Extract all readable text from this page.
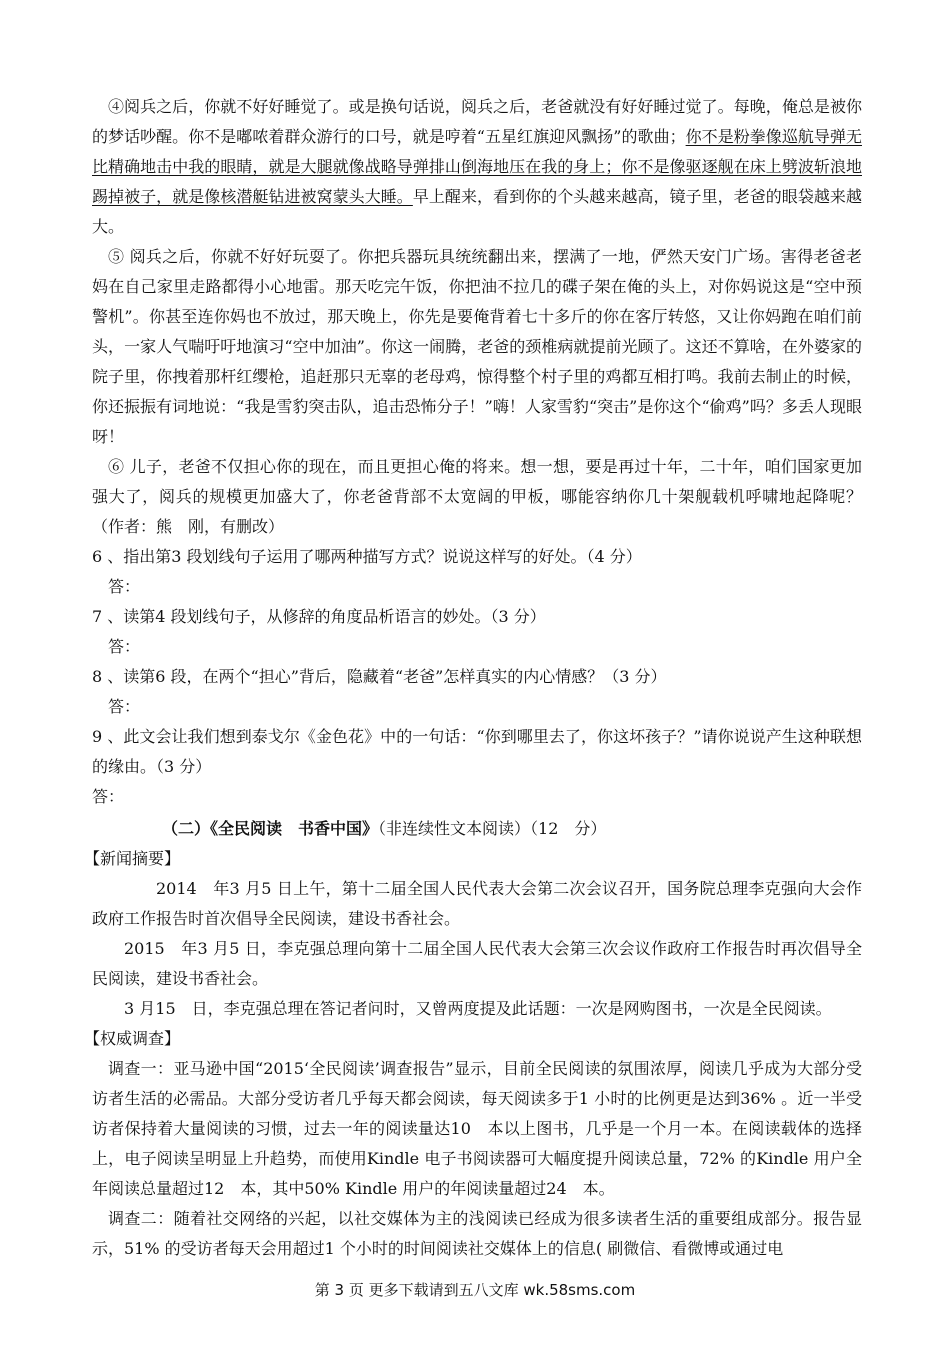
④阅兵之后，你就不好好睡觉了。或是换句话说，阅兵之后，老爸就没有好好睡过觉了。每晚，俺总是被你的梦话吵醒。你不是嘟哝着群众游行的口号，就是哼着“五星红旗迎风飘扬”的歌曲；你不是粉拳像巡航导弹无比精确地击中我的眼睛，就是大腿就像战略导弹排山倒海地压在我的身上；你不是像驱逐舰在床上劈波斩浪地踢掉被子，就是像核潜艇钻进被窝蒙头大睡。早上醒来，看到你的个头越来越高，镜子里，老爸的眼袋越来越大。

⑤ 阅兵之后，你就不好好玩耍了。你把兵器玩具统统翻出来，摆满了一地，俨然天安门广场。害得老爸老妈在自己家里走路都得小心地雷。那天吃完午饭，你把油不拉几的碟子架在俺的头上，对你妈说这是“空中预警机”。你甚至连你妈也不放过，那天晚上，你先是要俺背着七十多斤的你在客厅转悠，又让你妈跑在咱们前头，一家人气喘吁吁地演习“空中加油”。你这一闹腾，老爸的颈椎病就提前光顾了。这还不算啥，在外婆家的院子里，你拽着那杆红缨枪，追赶那只无辜的老母鸡，惊得整个村子里的鸡都互相打鸣。我前去制止的时候，你还振振有词地说：“我是雪豹突击队，追击恐怖分子！”嗨！人家雪豹“突击”是你这个“偷鸡”吗？多丢人现眼呀！

⑥ 儿子，老爸不仅担心你的现在，而且更担心俺的将来。想一想，要是再过十年，二十年，咱们国家更加强大了，阅兵的规模更加盛大了，你老爸背部不太宽阔的甲板，哪能容纳你几十架舰载机呼啸地起降呢？　　（作者：熊　刚，有删改）

6 、指出第3 段划线句子运用了哪两种描写方式？说说这样写的好处。（4 分）

答：

7 、读第4 段划线句子，从修辞的角度品析语言的妙处。（3 分）

答：

8 、读第6 段，在两个“担心”背后，隐藏着“老爸”怎样真实的内心情感？（3 分）

答：

9 、此文会让我们想到泰戈尔《金色花》中的一句话：“你到哪里去了，你这坏孩子？”请你说说产生这种联想的缘由。（3 分）

答：

（二）《全民阅读　书香中国》（非连续性文本阅读）（12　分）

【新闻摘要】

2014　年3 月5 日上午，第十二届全国人民代表大会第二次会议召开，国务院总理李克强向大会作政府工作报告时首次倡导全民阅读，建设书香社会。

2015　年3 月5 日，李克强总理向第十二届全国人民代表大会第三次会议作政府工作报告时再次倡导全民阅读，建设书香社会。

3 月15　日，李克强总理在答记者问时，又曾两度提及此话题：一次是网购图书，一次是全民阅读。

【权威调查】

调查一：亚马逊中国“2015‘全民阅读’调查报告”显示，目前全民阅读的氛围浓厚，阅读几乎成为大部分受访者生活的必需品。大部分受访者几乎每天都会阅读，每天阅读多于1 小时的比例更是达到36% 。近一半受访者保持着大量阅读的习惯，过去一年的阅读量达10　本以上图书，几乎是一个月一本。在阅读载体的选择上，电子阅读呈明显上升趋势，而使用Kindle 电子书阅读器可大幅度提升阅读总量，72% 的Kindle 用户全年阅读总量超过12　本，其中50% Kindle 用户的年阅读量超过24　本。

调查二：随着社交网络的兴起，以社交媒体为主的浅阅读已经成为很多读者生活的重要组成部分。报告显示，51% 的受访者每天会用超过1 个小时的时间阅读社交媒体上的信息( 刷微信、看微博或通过电

第 3 页 更多下载请到五八文库 wk.58sms.com
